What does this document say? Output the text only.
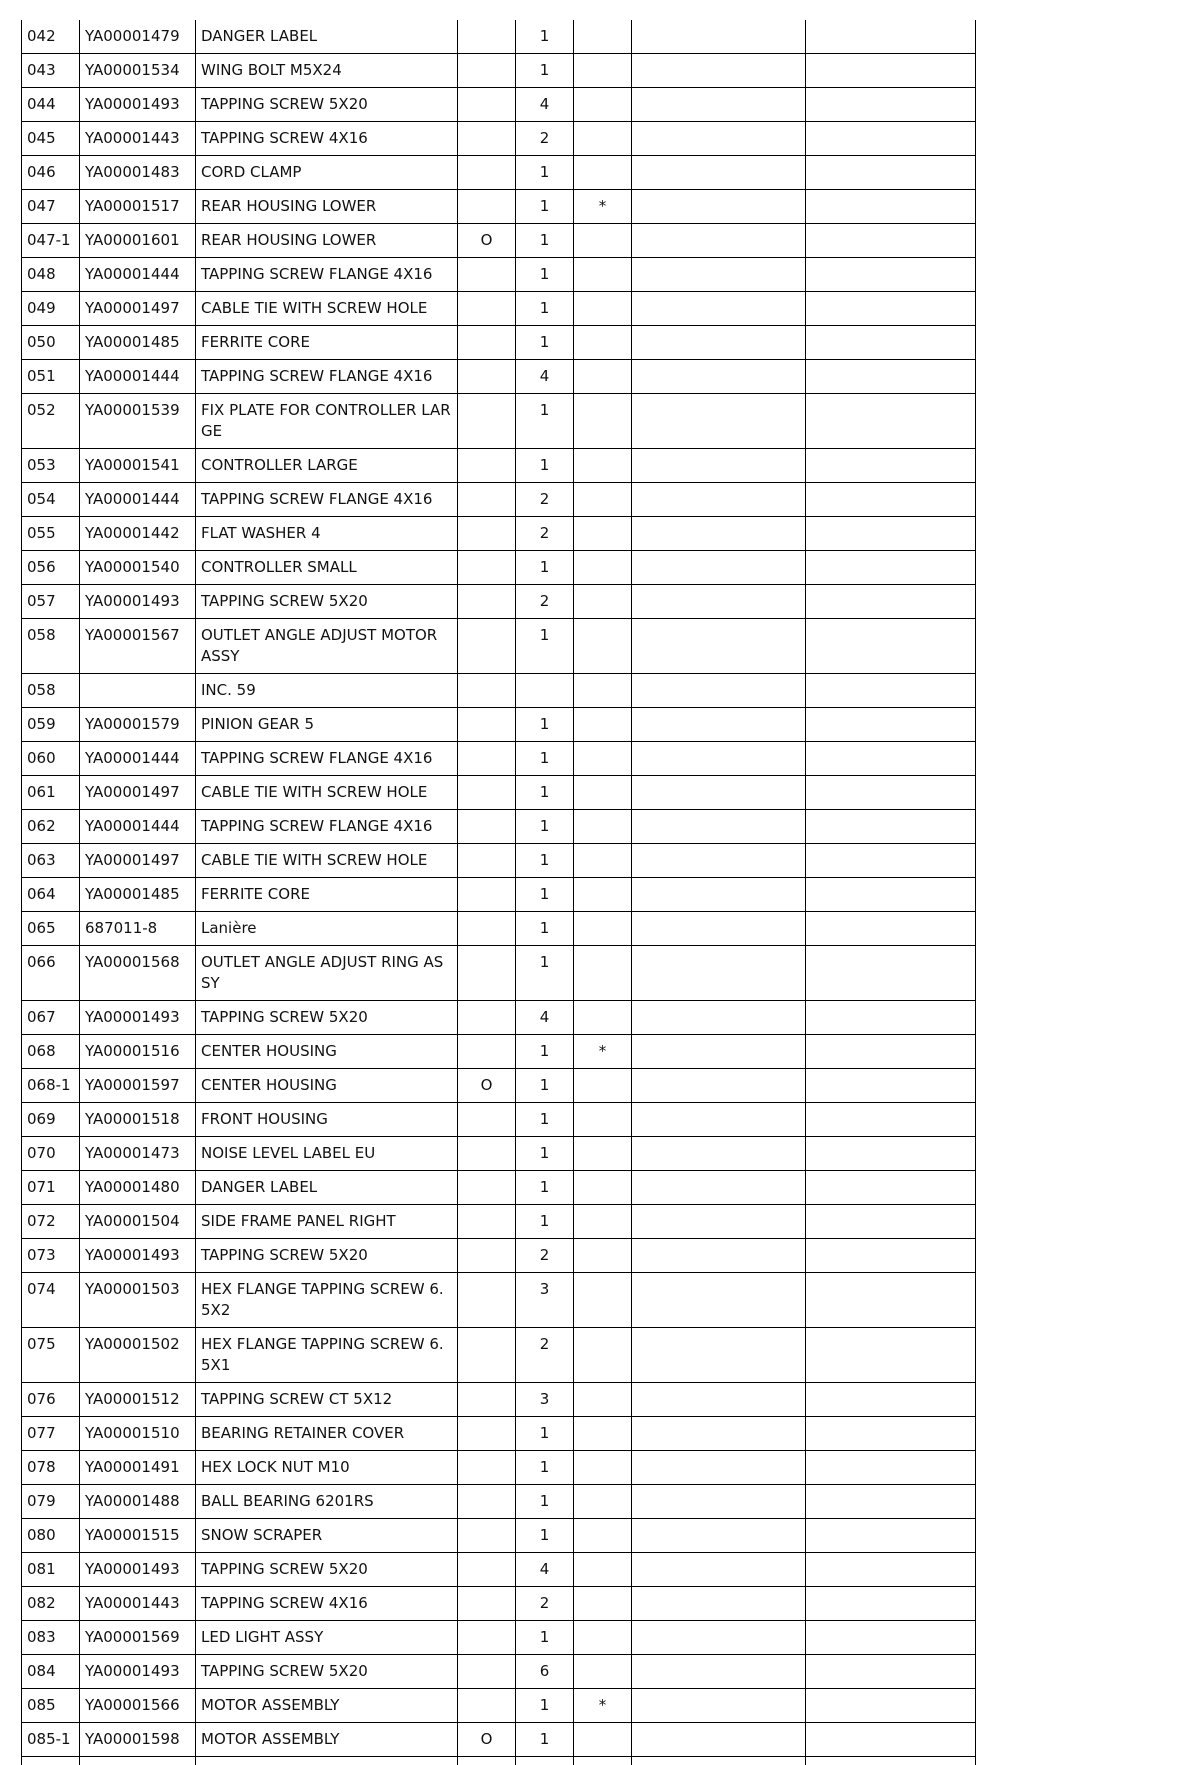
042	YA00001479	DANGER LABEL		1			
043	YA00001534	WING BOLT M5X24		1			
044	YA00001493	TAPPING SCREW 5X20		4			
045	YA00001443	TAPPING SCREW 4X16		2			
046	YA00001483	CORD CLAMP		1			
047	YA00001517	REAR HOUSING LOWER		1	*		
047-1	YA00001601	REAR HOUSING LOWER	O	1			
048	YA00001444	TAPPING SCREW FLANGE 4X16		1			
049	YA00001497	CABLE TIE WITH SCREW HOLE		1			
050	YA00001485	FERRITE CORE		1			
051	YA00001444	TAPPING SCREW FLANGE 4X16		4			
052	YA00001539	FIX PLATE FOR CONTROLLER LARGE		1			
053	YA00001541	CONTROLLER LARGE		1			
054	YA00001444	TAPPING SCREW FLANGE 4X16		2			
055	YA00001442	FLAT WASHER 4		2			
056	YA00001540	CONTROLLER SMALL		1			
057	YA00001493	TAPPING SCREW 5X20		2			
058	YA00001567	OUTLET ANGLE ADJUST MOTOR ASSY		1			
058		INC. 59					
059	YA00001579	PINION GEAR 5		1			
060	YA00001444	TAPPING SCREW FLANGE 4X16		1			
061	YA00001497	CABLE TIE WITH SCREW HOLE		1			
062	YA00001444	TAPPING SCREW FLANGE 4X16		1			
063	YA00001497	CABLE TIE WITH SCREW HOLE		1			
064	YA00001485	FERRITE CORE		1			
065	687011-8	Lanière		1			
066	YA00001568	OUTLET ANGLE ADJUST RING ASSY		1			
067	YA00001493	TAPPING SCREW 5X20		4			
068	YA00001516	CENTER HOUSING		1	*		
068-1	YA00001597	CENTER HOUSING	O	1			
069	YA00001518	FRONT HOUSING		1			
070	YA00001473	NOISE LEVEL LABEL EU		1			
071	YA00001480	DANGER LABEL		1			
072	YA00001504	SIDE FRAME PANEL RIGHT		1			
073	YA00001493	TAPPING SCREW 5X20		2			
074	YA00001503	HEX FLANGE TAPPING SCREW 6.5X2		3			
075	YA00001502	HEX FLANGE TAPPING SCREW 6.5X1		2			
076	YA00001512	TAPPING SCREW CT 5X12		3			
077	YA00001510	BEARING RETAINER COVER		1			
078	YA00001491	HEX LOCK NUT M10		1			
079	YA00001488	BALL BEARING 6201RS		1			
080	YA00001515	SNOW SCRAPER		1			
081	YA00001493	TAPPING SCREW 5X20		4			
082	YA00001443	TAPPING SCREW 4X16		2			
083	YA00001569	LED LIGHT ASSY		1			
084	YA00001493	TAPPING SCREW 5X20		6			
085	YA00001566	MOTOR ASSEMBLY		1	*		
085-1	YA00001598	MOTOR ASSEMBLY	O	1			
